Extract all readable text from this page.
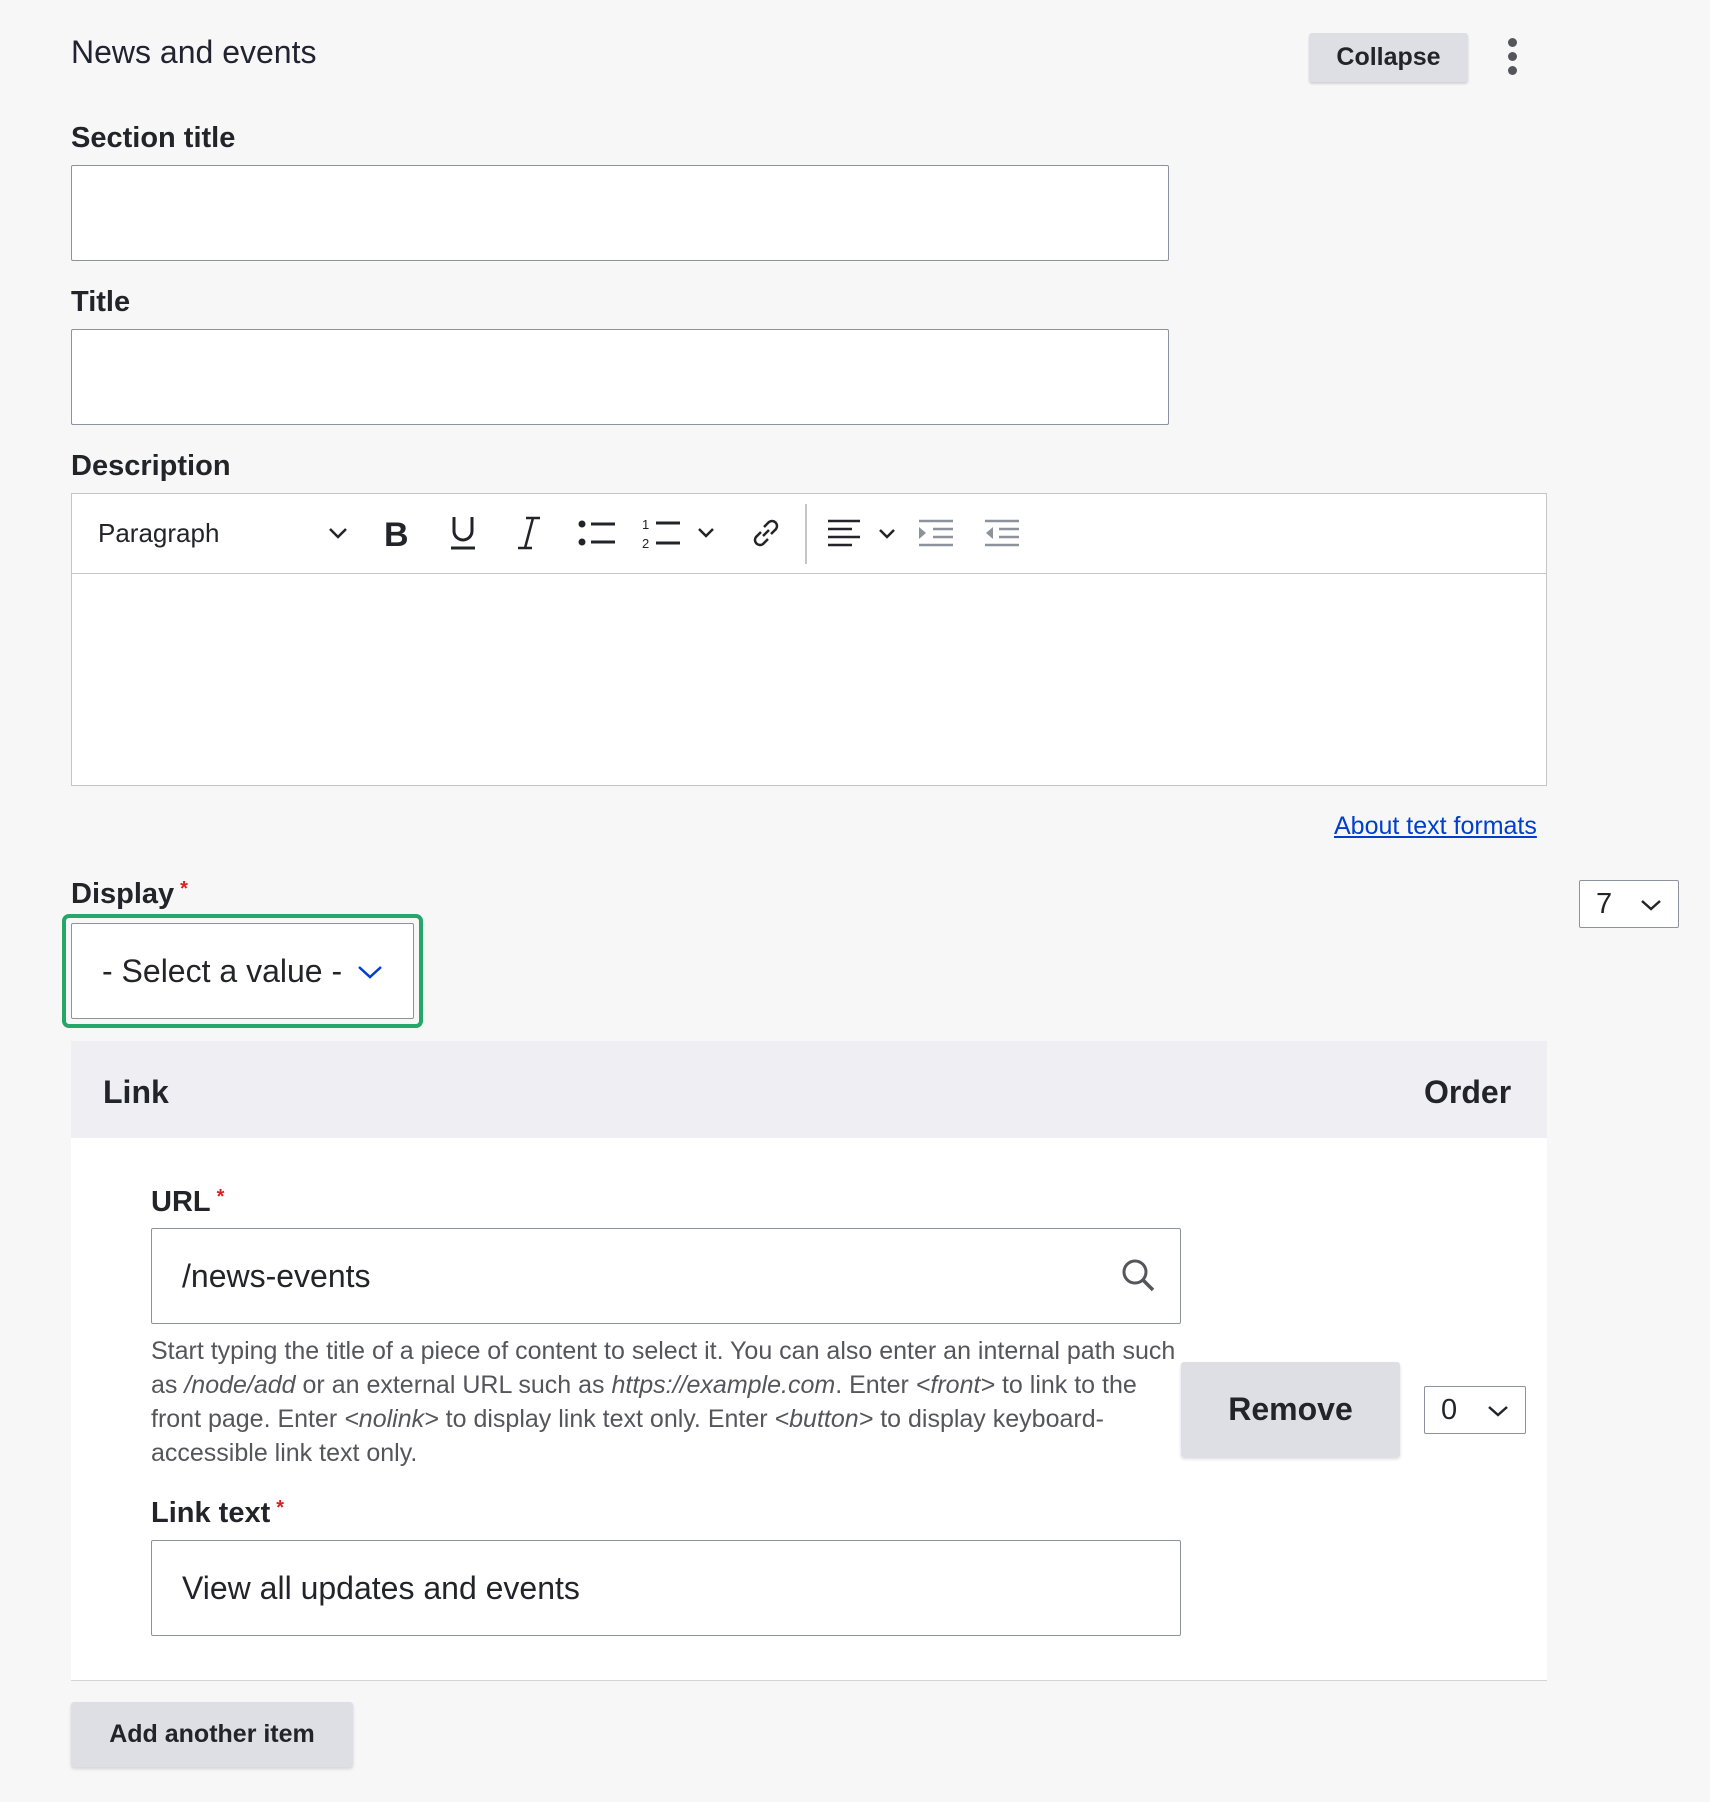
News and events	Collapse
Section title
Title
Description
Paragraph	B	1
2
About text formats
Display *
- Select a value -
7
Link	Order
URL *
/news-events
Start typing the title of a piece of content to select it. You can also enter an internal path such as /node/add or an external URL such as https://example.com. Enter <front> to link to the front page. Enter <nolink> to display link text only. Enter <button> to display keyboard-accessible link text only.
Remove	0
Link text *
View all updates and events
Add another item
